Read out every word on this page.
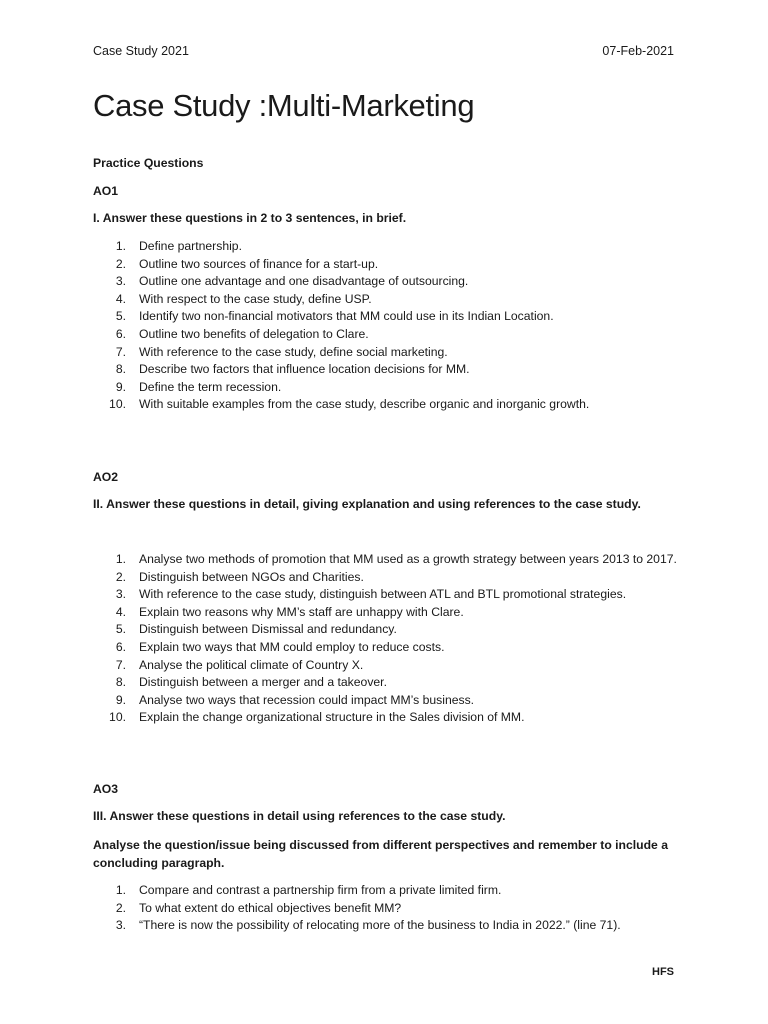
Case Study 2021	07-Feb-2021
Case Study :Multi-Marketing
Practice Questions
AO1
I. Answer these questions in 2 to 3 sentences, in brief.
1. Define partnership.
2. Outline two sources of finance for a start-up.
3. Outline one advantage and one disadvantage of outsourcing.
4. With respect to the case study, define USP.
5. Identify two non-financial motivators that MM could use in its Indian Location.
6. Outline two benefits of delegation to Clare.
7. With reference to the case study, define social marketing.
8. Describe two factors that influence location decisions for MM.
9. Define the term recession.
10. With suitable examples from the case study, describe organic and inorganic growth.
AO2
II. Answer these questions in detail, giving explanation and using references to the case study.
1. Analyse two methods of promotion that MM used as a growth strategy between years 2013 to 2017.
2. Distinguish between NGOs and Charities.
3. With reference to the case study, distinguish between ATL and BTL promotional strategies.
4. Explain two reasons why MM’s staff are unhappy with Clare.
5. Distinguish between Dismissal and redundancy.
6. Explain two ways that MM could employ to reduce costs.
7. Analyse the political climate of Country X.
8. Distinguish between a merger and a takeover.
9. Analyse two ways that recession could impact MM’s business.
10. Explain the change organizational structure in the Sales division of MM.
AO3
III. Answer these questions in detail using references to the case study.
Analyse the question/issue being discussed from different perspectives and remember to include a concluding paragraph.
1. Compare and contrast a partnership firm from a private limited firm.
2. To what extent do ethical objectives benefit MM?
3. “There is now the possibility of relocating more of the business to India in 2022.” (line 71).
HFS
